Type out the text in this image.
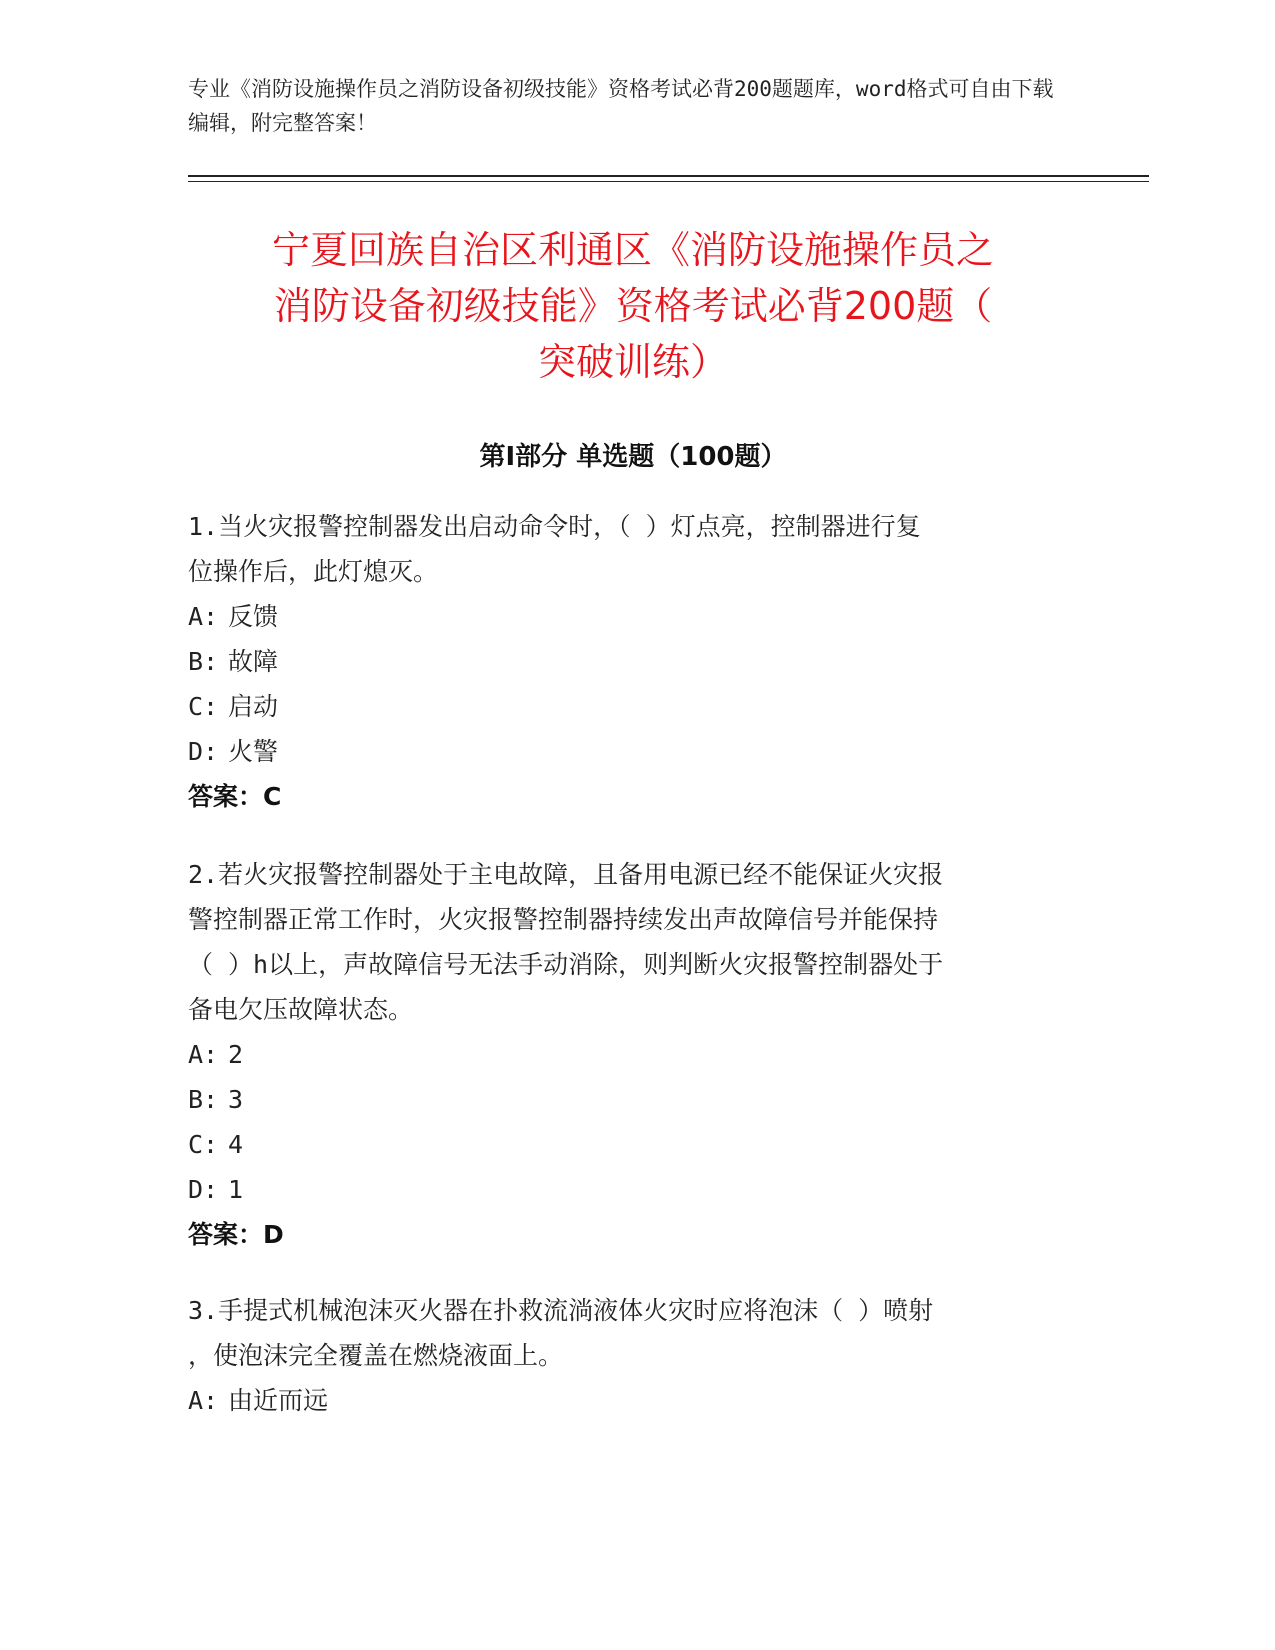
专业《消防设施操作员之消防设备初级技能》资格考试必背200题题库，word格式可自由下载编辑，附完整答案！
宁夏回族自治区利通区《消防设施操作员之
消防设备初级技能》资格考试必背200题（
突破训练）
第Ⅰ部分 单选题（100题）
1.当火灾报警控制器发出启动命令时，（ ）灯点亮，控制器进行复
位操作后，此灯熄灭。
A: 反馈
B: 故障
C: 启动
D: 火警
答案：C
2.若火灾报警控制器处于主电故障，且备用电源已经不能保证火灾报
警控制器正常工作时，火灾报警控制器持续发出声故障信号并能保持
（ ）h以上，声故障信号无法手动消除，则判断火灾报警控制器处于
备电欠压故障状态。
A: 2
B: 3
C: 4
D: 1
答案：D
3.手提式机械泡沫灭火器在扑救流淌液体火灾时应将泡沫（ ）喷射
，使泡沫完全覆盖在燃烧液面上。
A: 由近而远
